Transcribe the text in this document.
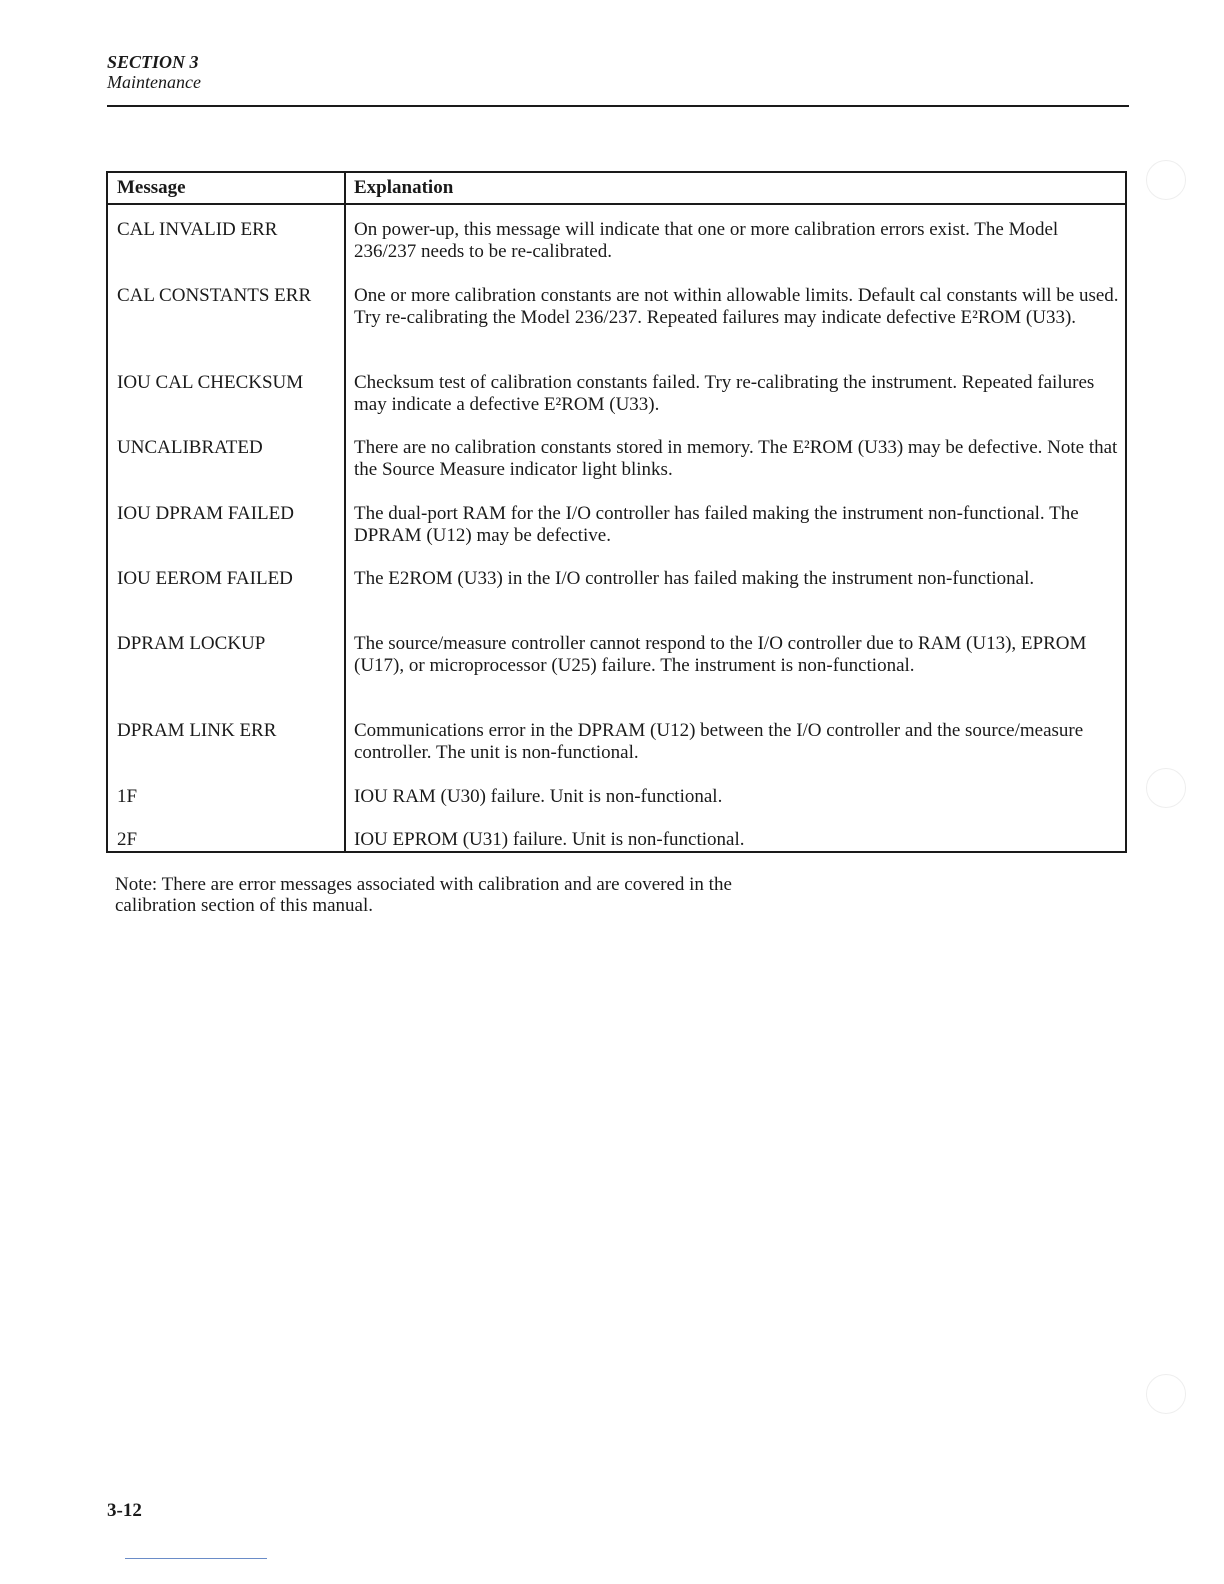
SECTION 3
Maintenance
Message	Explanation
CAL INVALID ERR	On power-up, this message will indicate that one or more calibration errors exist. The Model 236/237 needs to be re-calibrated.
CAL CONSTANTS ERR	One or more calibration constants are not within allowable limits. Default cal constants will be used. Try re-calibrating the Model 236/237. Repeated failures may indicate defective E²ROM (U33).
IOU CAL CHECKSUM	Checksum test of calibration constants failed. Try re-calibrating the instrument. Repeated failures may indicate a defective E²ROM (U33).
UNCALIBRATED	There are no calibration constants stored in memory. The E²ROM (U33) may be defective. Note that the Source Measure indicator light blinks.
IOU DPRAM FAILED	The dual-port RAM for the I/O controller has failed making the instrument non-functional. The DPRAM (U12) may be defective.
IOU EEROM FAILED	The E2ROM (U33) in the I/O controller has failed making the instrument non-functional.
DPRAM LOCKUP	The source/measure controller cannot respond to the I/O controller due to RAM (U13), EPROM (U17), or microprocessor (U25) failure. The instrument is non-functional.
DPRAM LINK ERR	Communications error in the DPRAM (U12) between the I/O controller and the source/measure controller. The unit is non-functional.
1F	IOU RAM (U30) failure. Unit is non-functional.
2F	IOU EPROM (U31) failure. Unit is non-functional.
Note: There are error messages associated with calibration and are covered in the calibration section of this manual.
3-12
